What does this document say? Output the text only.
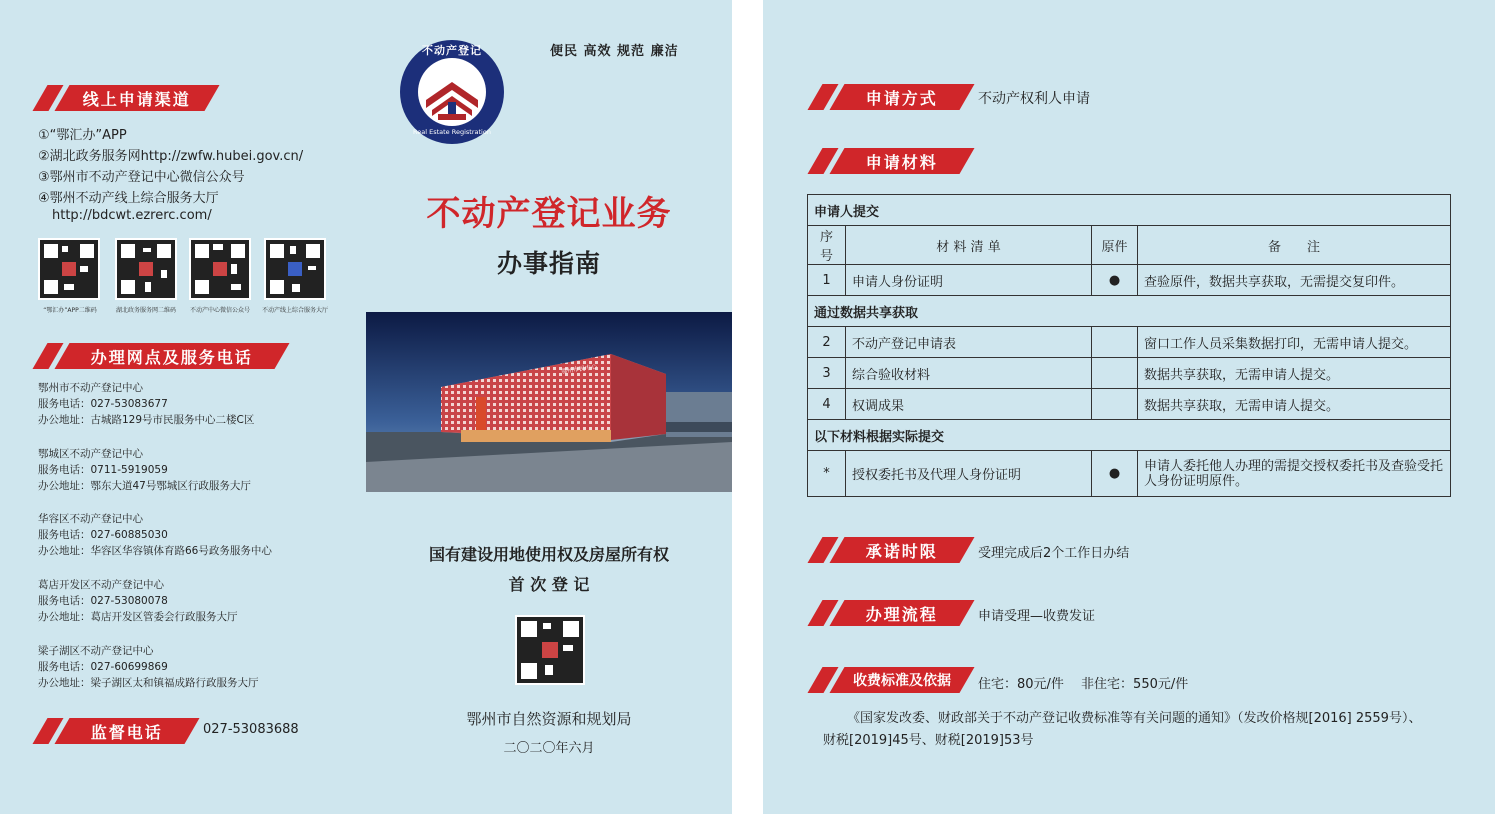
不动产登记
Real Estate Registration
便民 高效 规范 廉洁
线上申请渠道
①“鄂汇办”APP
②湖北政务服务网http://zwfw.hubei.gov.cn/
③鄂州市不动产登记中心微信公众号
④鄂州不动产线上综合服务大厅
http://bdcwt.ezrerc.com/
“鄂汇办”APP二维码	湖北政务服务网二维码	不动产中心微信公众号	不动产线上综合服务大厅
办理网点及服务电话
鄂州市不动产登记中心
服务电话：027-53083677
办公地址：古城路129号市民服务中心二楼C区
鄂城区不动产登记中心
服务电话：0711-5919059
办公地址：鄂东大道47号鄂城区行政服务大厅
华容区不动产登记中心
服务电话：027-60885030
办公地址：华容区华容镇体育路66号政务服务中心
葛店开发区不动产登记中心
服务电话：027-53080078
办公地址：葛店开发区管委会行政服务大厅
梁子湖区不动产登记中心
服务电话：027-60699869
办公地址：梁子湖区太和镇福成路行政服务大厅
监督电话	027-53083688
不动产登记业务
办事指南
鄂州市民中心
国有建设用地使用权及房屋所有权
首 次 登 记
鄂州市自然资源和规划局
二〇二〇年六月
申请方式	不动产权利人申请
申请材料
申请人提交			
序号	材 料 清 单	原件	备　　注
1	申请人身份证明	●	查验原件，数据共享获取，无需提交复印件。
通过数据共享获取			
2	不动产登记申请表		窗口工作人员采集数据打印，无需申请人提交。
3	综合验收材料		数据共享获取，无需申请人提交。
4	权调成果		数据共享获取，无需申请人提交。
以下材料根据实际提交			
*	授权委托书及代理人身份证明	●	申请人委托他人办理的需提交授权委托书及查验受托人身份证明原件。
承诺时限	受理完成后2个工作日办结
办理流程	申请受理—收费发证
收费标准及依据 住宅：80元/件　 非住宅：550元/件
《国家发改委、财政部关于不动产登记收费标准等有关问题的通知》（发改价格规[2016] 2559号）、财税[2019]45号、财税[2019]53号
